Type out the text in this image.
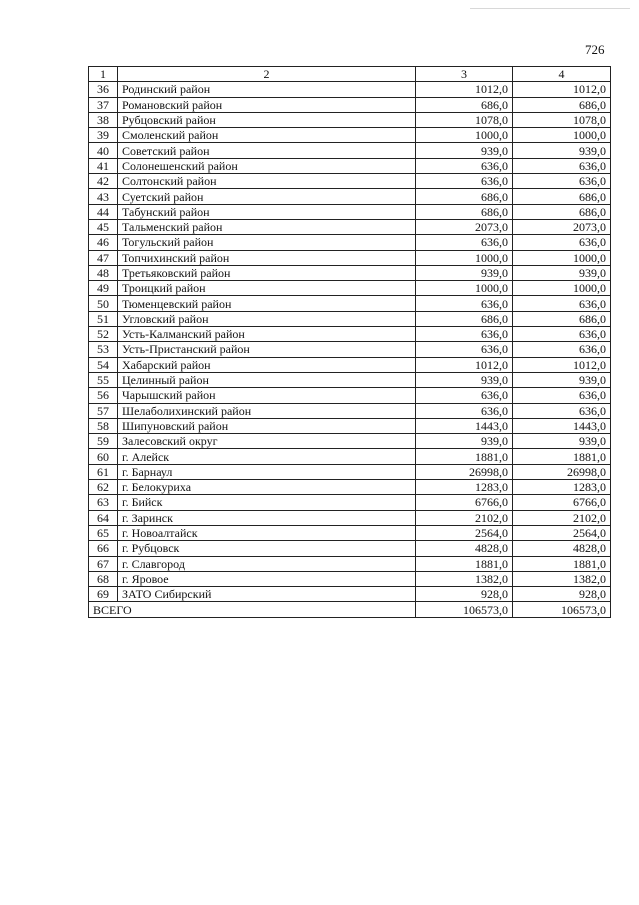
726
1	2	3	4
36	Родинский район	1012,0	1012,0
37	Романовский район	686,0	686,0
38	Рубцовский район	1078,0	1078,0
39	Смоленский район	1000,0	1000,0
40	Советский район	939,0	939,0
41	Солонешенский район	636,0	636,0
42	Солтонский район	636,0	636,0
43	Суетский район	686,0	686,0
44	Табунский район	686,0	686,0
45	Тальменский район	2073,0	2073,0
46	Тогульский район	636,0	636,0
47	Топчихинский район	1000,0	1000,0
48	Третьяковский район	939,0	939,0
49	Троицкий район	1000,0	1000,0
50	Тюменцевский район	636,0	636,0
51	Угловский район	686,0	686,0
52	Усть-Калманский район	636,0	636,0
53	Усть-Пристанский район	636,0	636,0
54	Хабарский район	1012,0	1012,0
55	Целинный район	939,0	939,0
56	Чарышский район	636,0	636,0
57	Шелаболихинский район	636,0	636,0
58	Шипуновский район	1443,0	1443,0
59	Залесовский округ	939,0	939,0
60	г. Алейск	1881,0	1881,0
61	г. Барнаул	26998,0	26998,0
62	г. Белокуриха	1283,0	1283,0
63	г. Бийск	6766,0	6766,0
64	г. Заринск	2102,0	2102,0
65	г. Новоалтайск	2564,0	2564,0
66	г. Рубцовск	4828,0	4828,0
67	г. Славгород	1881,0	1881,0
68	г. Яровое	1382,0	1382,0
69	ЗАТО Сибирский	928,0	928,0
ВСЕГО		106573,0	106573,0
